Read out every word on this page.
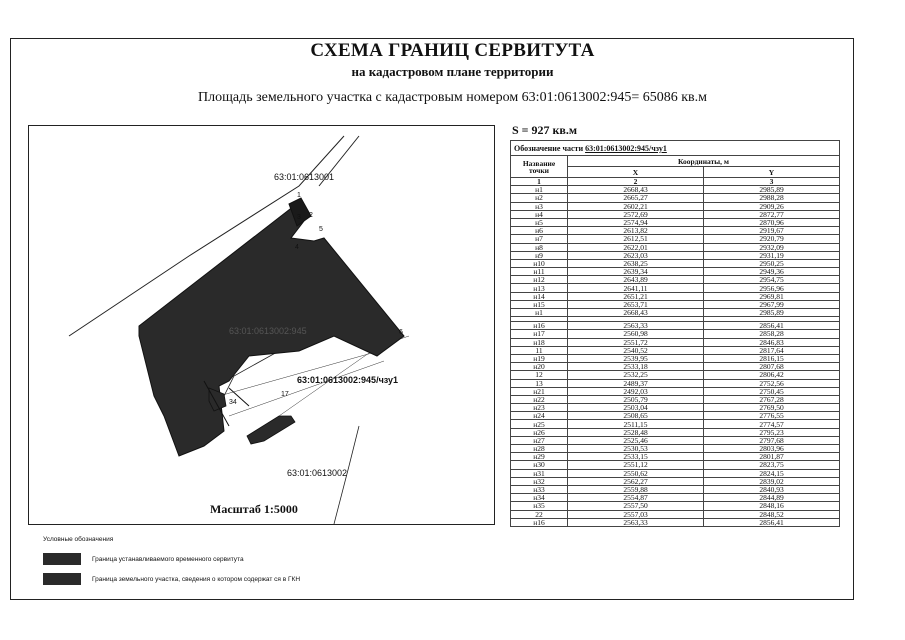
СХЕМА ГРАНИЦ СЕРВИТУТА
на кадастровом плане территории
Площадь земельного участка с кадастровым номером 63:01:0613002:945= 65086 кв.м
63:01:0613001
63:01:0613002:945
63:01:0613002:945/чзу1
63:01:0613002
1
2
5
4
3
6
34
17
Масштаб 1:5000
Условные обозначения
Граница устанавливаемого временного сервитута
Граница земельного участка, сведения о котором содержат ся в ГКН
S = 927 кв.м
Обозначение части 63:01:0613002:945/чзу1		
Название точки	Координаты, м	
	X	Y
1	2	3
н1	2668,43	2985,89
н2	2665,27	2988,28
н3	2602,21	2909,26
н4	2572,69	2872,77
н5	2574,94	2870,96
н6	2613,82	2919,67
н7	2612,51	2920,79
н8	2622,01	2932,09
н9	2623,03	2931,19
н10	2638,25	2950,25
н11	2639,34	2949,36
н12	2643,89	2954,75
н13	2641,11	2956,96
н14	2651,21	2969,81
н15	2653,71	2967,99
н1	2668,43	2985,89

н16	2563,33	2856,41
н17	2560,98	2858,28
н18	2551,72	2846,83
11	2540,52	2817,64
н19	2539,95	2816,15
н20	2533,18	2807,68
12	2532,25	2806,42
13	2489,37	2752,56
н21	2492,03	2750,45
н22	2505,79	2767,28
н23	2503,04	2769,50
н24	2508,65	2776,55
н25	2511,15	2774,57
н26	2528,48	2795,23
н27	2525,46	2797,68
н28	2530,53	2803,96
н29	2533,15	2801,87
н30	2551,12	2823,75
н31	2550,62	2824,15
н32	2562,27	2839,02
н33	2559,88	2840,93
н34	2554,87	2844,89
н35	2557,50	2848,16
22	2557,03	2848,52
н16	2563,33	2856,41
